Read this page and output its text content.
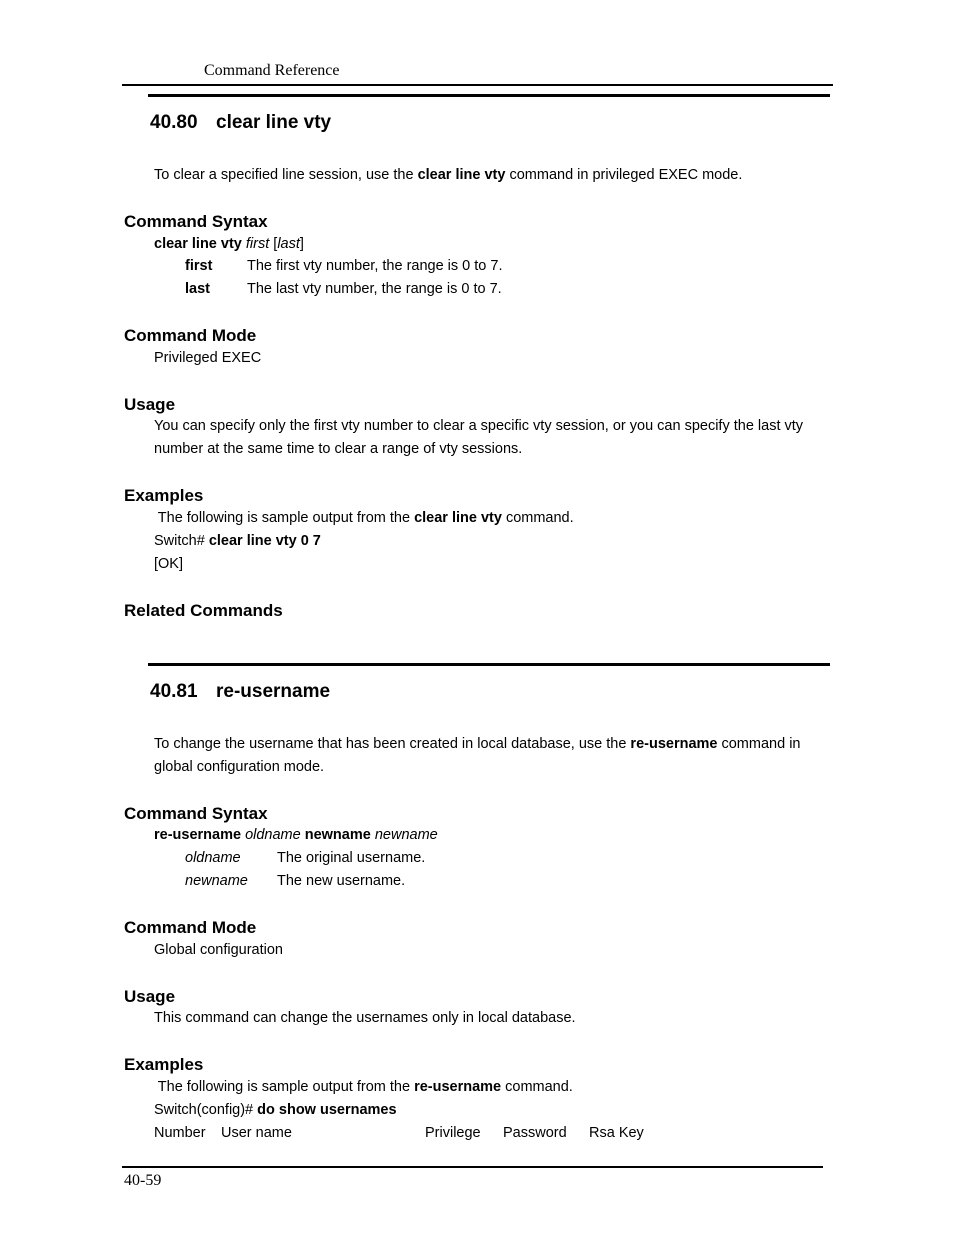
Command Reference
40.80 clear line vty
To clear a specified line session, use the clear line vty command in privileged EXEC mode.
Command Syntax
clear line vty first [last]
first The first vty number, the range is 0 to 7.
last	The last vty number, the range is 0 to 7.
Command Mode
Privileged EXEC
Usage
You can specify only the first vty number to clear a specific vty session, or you can specify the last vty
number at the same time to clear a range of vty sessions.
Examples
The following is sample output from the clear line vty command.
Switch# clear line vty 0 7
[OK]
Related Commands
40.81 re-username
To change the username that has been created in local database, use the re-username command in
global configuration mode.
Command Syntax
re-username oldname newname newname
oldname	The original username.
newname The new username.
Command Mode
Global configuration
Usage
This command can change the usernames only in local database.
Examples
The following is sample output from the re-username command.
Switch(config)# do show usernames
Number User name	Privilege Password Rsa Key
40-59
